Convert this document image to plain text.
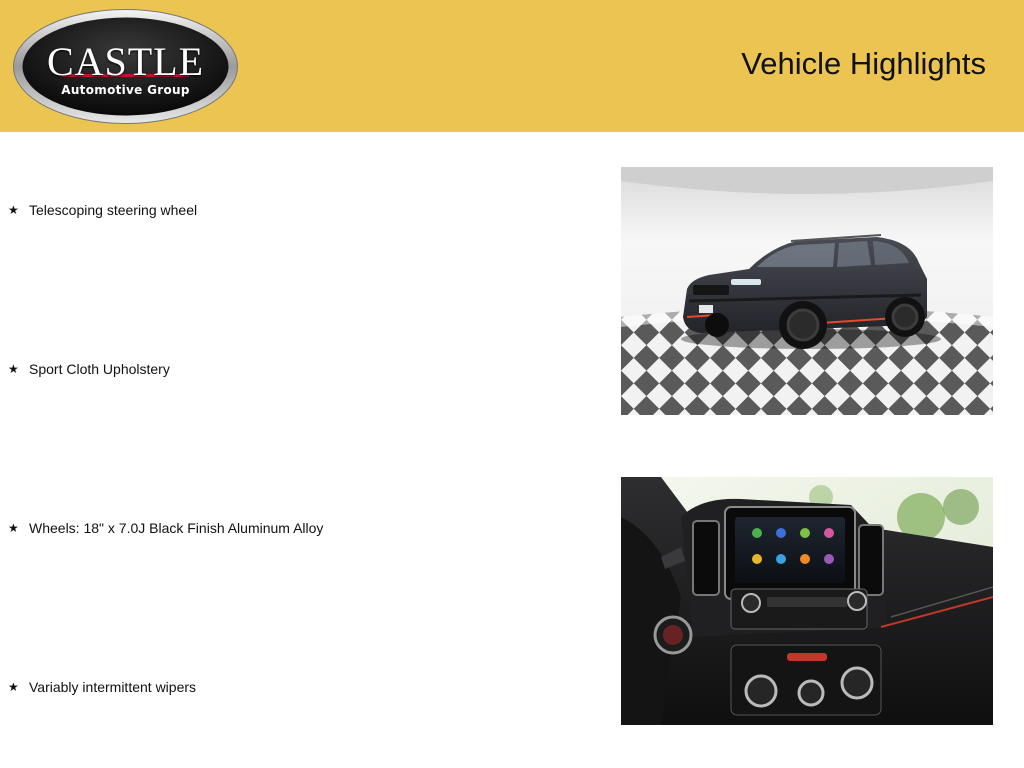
CASTLE
Automotive Group
Vehicle Highlights
★ Telescoping steering wheel
★ Sport Cloth Upholstery
★ Wheels: 18" x 7.0J Black Finish Aluminum Alloy
★ Variably intermittent wipers
